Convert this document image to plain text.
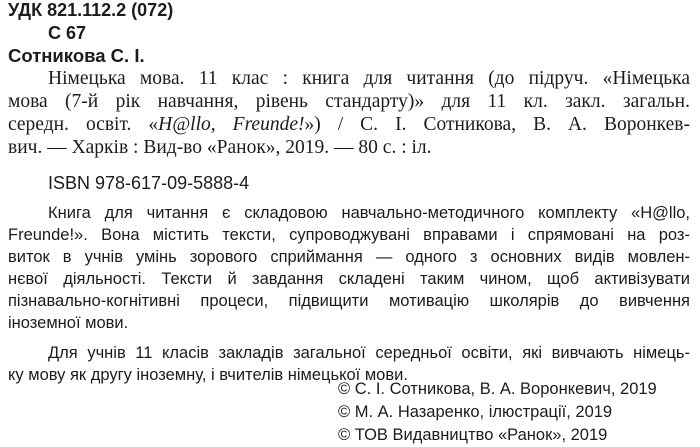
УДК 821.112.2 (072)

С 67

Сотникова С. І.

Німецька мова. 11 клас : книга для читання (до підруч. «Німецька

мова (7-й рік навчання, рівень стандарту)» для 11 кл. закл. загальн.

середн. освіт. «H@llo, Freunde!») / С. І. Сотникова, В. А. Воронкев-

вич. — Харків : Вид-во «Ранок», 2019. — 80 с. : іл.

ISBN 978-617-09-5888-4

Книга для читання є складовою навчально-методичного комплекту «H@llo,

Freunde!». Вона містить тексти, супроводжувані вправами і спрямовані на роз-

виток в учнів умінь зорового сприймання — одного з основних видів мовлен-

нєвої діяльності. Тексти й завдання складені таким чином, щоб активізувати

пізнавально-когнітивні процеси, підвищити мотивацію школярів до вивчення

іноземної мови.

Для учнів 11 класів закладів загальної середньої освіти, які вивчають німець-

ку мову як другу іноземну, і вчителів німецької мови.

© С. І. Сотникова, В. А. Воронкевич, 2019

© М. А. Назаренко, ілюстрації, 2019

© ТОВ Видавництво «Ранок», 2019
